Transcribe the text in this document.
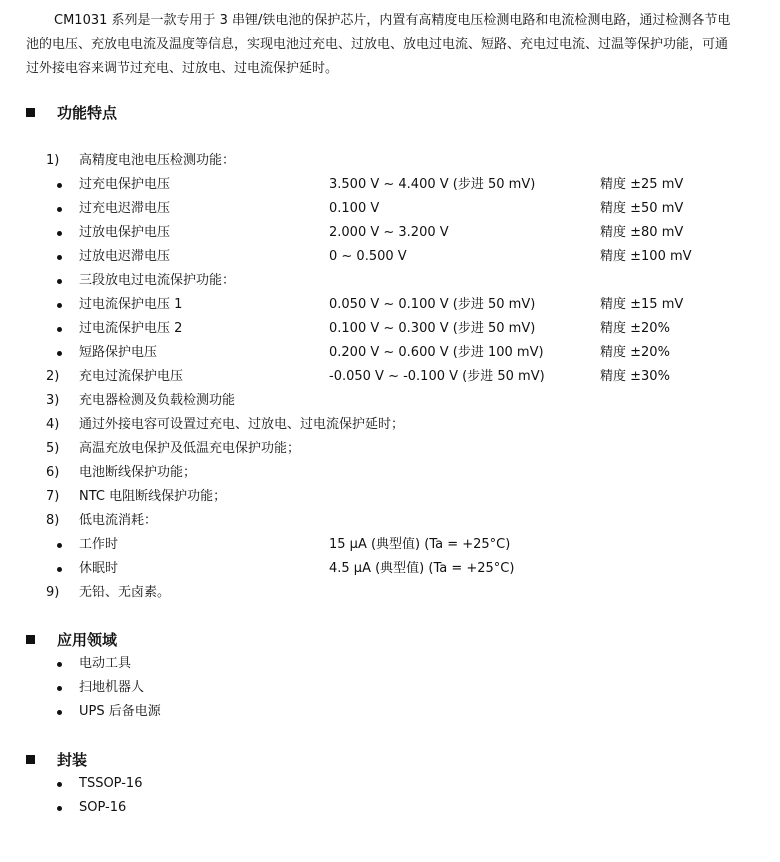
CM1031 系列是一款专用于 3 串锂/铁电池的保护芯片，内置有高精度电压检测电路和电流检测电路，通过检测各节电
池的电压、充放电电流及温度等信息，实现电池过充电、过放电、放电过电流、短路、充电过电流、过温等保护功能，可通
过外接电容来调节过充电、过放电、过电流保护延时。
功能特点
1) 高精度电池电压检测功能：
过充电保护电压	3.500 V ~ 4.400 V (步进 50 mV)	精度 ±25 mV
过充电迟滞电压	0.100 V	精度 ±50 mV
过放电保护电压	2.000 V ~ 3.200 V	精度 ±80 mV
过放电迟滞电压	0 ~ 0.500 V	精度 ±100 mV
三段放电过电流保护功能：
过电流保护电压 1	0.050 V ~ 0.100 V (步进 50 mV)	精度 ±15 mV
过电流保护电压 2	0.100 V ~ 0.300 V (步进 50 mV)	精度 ±20%
短路保护电压	0.200 V ~ 0.600 V (步进 100 mV)	精度 ±20%
2) 充电过流保护电压	-0.050 V ~ -0.100 V (步进 50 mV)	精度 ±30%
3) 充电器检测及负载检测功能
4) 通过外接电容可设置过充电、过放电、过电流保护延时；
5) 高温充放电保护及低温充电保护功能；
6) 电池断线保护功能；
7) NTC 电阻断线保护功能；
8) 低电流消耗：
工作时	15 μA (典型值) (Ta = +25°C)
休眠时	4.5 μA (典型值) (Ta = +25°C)
9) 无铅、无卤素。
应用领域
电动工具
扫地机器人
UPS 后备电源
封装
TSSOP-16
SOP-16
